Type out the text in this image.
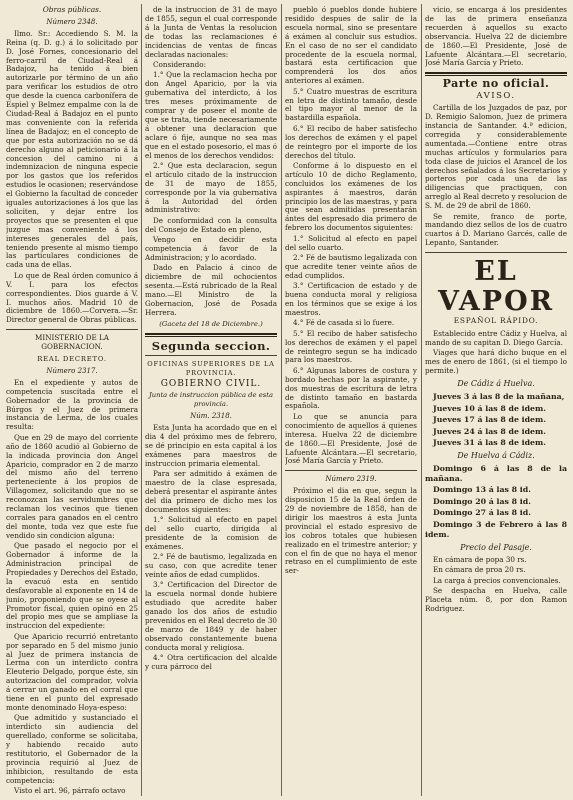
Obras públicas.
Número 2348.

Ilmo. Sr.: Accediendo S. M. la Reina (q. D. g.) á lo solicitado por D. José Fornes, concesionario del ferro-carril de Ciudad-Real á Badajoz, ha tenido á bien autorizarle por término de un año para verificar los estudios de otro que desde la cuenca carbonífera de Espiel y Belmez empalme con la de Ciudad-Real á Badajoz en el punto mas conveniente con la referida línea de Badajoz; en el concepto de que por esta autorización no se dá derecho alguno al peticionario á la concesion del camino ni á indemnizacion de ninguna especie por los gastos que los referidos estudios le ocasionen; reservándose el Gobierno la facultad de conceder iguales autorizaciones á los que las soliciten, y dejar entre los proyectos que se presenten el que juzgue mas conveniente á los intereses generales del país, teniendo presente al mismo tiempo las particulares condiciones de cada una de ellas.

Lo que de Real órden comunico á V. I. para los efectos correspondientes. Dios guarde á V. I. muchos años. Madrid 10 de diciembre de 1860.—Corvera.—Sr. Director general de Obras públicas.

MINISTERIO DE LA GOBERNACION.
REAL DECRETO.
Número 2317.

En el expediente y autos de competencia suscitada entre el Gobernador de la provincia de Búrgos y el Juez de primera instancia de Lerma, de los cuales resulta:

Que en 29 de mayo del corriente año de 1860 acudió al Gobierno de la indicada provincia don Angel Aparicio, comprador en 2 de marzo del mismo año del terreno perteneciente á los propios de Villagomez, solicitando que no se reconozcan las servidumbres que reclaman los vecinos que tienen corrales para ganados en el centro del monte, toda vez que este fue vendido sin condicion alguna:

Que pasado el negocio por el Gobernador á informe de la Administracion principal de Propiedades y Derechos del Estado, la evacuó esta en sentido desfavorable al exponente en 14 de junio, proponiendo que se oyese al Promotor fiscal, quien opinó en 25 del propio mes que se ampliase la instruccion del expediente:

Que Aparicio recurrió entretanto por separado en 5 del mismo junio al Juez de primera instancia de Lerma con un interdicto contra Eleuterio Delgado, porque éste, sin autorizacion del comprador, volvia á cerrar un ganado en el corral que tiene en el punto del expresado monte denominado Hoya-espeso:

Que admitido y sustanciado el interdicto sin audiencia del querellado, conforme se solicitaba, y habiendo recaido auto restitutorio, el Gobernador de la provincia requirió al Juez de inhibicion, resultando de esta competencia:

Visto el art. 96, párrafo octavo

de la instruccion de 31 de mayo de 1855, segun el cual corresponde á la Junta de Ventas la resolucion de todas las reclamaciones é incidencias de ventas de fincas declaradas nacionales:

Considerando:

1.° Que la reclamacion hecha por don Angel Aparicio, por la via gubernativa del interdicto, á los tres meses próximamente de comprar y de poseer el monte de que se trata, tiende necesariamente á obtener una declaracion que aclare ó fije, aunque no sea mas que en el estado posesorio, el mas ó el menos de los derechos vendidos:

2.° Que esta declaracion, segun el artículo citado de la instruccion de 31 de mayo de 1855, corresponde por la via gubernativa á la Autoridad del órden administrativo:

De conformidad con la consulta del Consejo de Estado en pleno,

Vengo en decidir esta competencia á favor de la Administracion; y lo acordado.

Dado en Palacio á cinco de diciembre de mil ochocientos sesenta.—Está rubricado de la Real mano.—El Ministro de la Gobernacion, José de Posada Herrera.

(Gaceta del 18 de Diciembre.)
Segunda seccion.
OFICINAS SUPERIORES DE LA PROVINCIA.
GOBIERNO CIVIL.
Junta de instruccion pública de esta provincia.
Núm. 2318.

Esta Junta ha acordado que en el dia 4 del próximo mes de febrero, se dé principio en esta capital á los exámenes para maestros de instruccion primaria elemental.

Para ser admitido á exámen de maestro de la clase espresada, deberá presentar el aspirante ántes del dia primero de dicho mes los documentos siguientes:

1.° Solicitud al efecto en papel del sello cuarto, dirigida al presidente de la comision de exámenes.

2.° Fé de bautismo, legalizada en su caso, con que acredite tener veinte años de edad cumplidos.

3.° Certificacion del Director de la escuela normal donde hubiere estudiado que acredite haber ganado los dos años de estudio prevenidos en el Real decreto de 30 de marzo de 1849 y de haber observado constantemente buena conducta moral y religiosa.

4.° Otra certificacion del alcalde y cura párroco del

pueblo ó pueblos donde hubiere residido despues de salir de la escuela normal, sino se presentare á exámen al concluir sus estudios. En el caso de no ser el candidato procedente de la escuela normal, bastará esta certificacion que comprenderá los dos años anteriores al exámen.

5.° Cuatro muestras de escritura en letra de distinto tamaño, desde el tipo mayor al menor de la bastardilla española.

6.° El recibo de haber satisfecho los derechos de exámen y el papel de reintegro por el importe de los derechos del título.

Conforme á lo dispuesto en el artículo 10 de dicho Reglamento, concluidos los exámenes de los aspirantes á maestros, darán principio los de las maestras, y para que sean admitidas presentarán ántes del espresado dia primero de febrero los documentos siguientes:

1.° Solicitud al efecto en papel del sello cuarto.

2.° Fé de bautismo legalizada con que acredite tener veinte años de edad cumplidos.

3.° Certificacion de estado y de buena conducta moral y religiosa en los términos que se exige á los maestros.

4.° Fé de casada si lo fuere.

5.° El recibo de haber satisfecho los derechos de exámen y el papel de reintegro segun se ha indicado para los maestros.

6.° Algunas labores de costura y bordado hechas por la aspirante, y dos muestras de escritura de letra de distinto tamaño en bastarda española.

Lo que se anuncia para conocimiento de aquellos á quienes interesa. Huelva 22 de diciembre de 1860.—El Presidente, José de Lafuente Alcántara.—El secretario, José María García y Prieto.

Número 2319.

Próximo el dia en que, segun la disposicion 15 de la Real órden de 29 de noviembre de 1858, han de dirigir los maestros á esta Junta provincial el estado espresivo de los cobros totales que hubiesen realizado en el trimestre anterior; y con el fin de que no haya el menor retraso en el cumplimiento de este ser-

vicio, se encarga á los presidentes de las de primera enseñanza recuerden á aquellos su exacto observancia. Huelva 22 de diciembre de 1860.—El Presidente, José de Lafuente Alcántara.—El secretario, José María García y Prieto.

Parte no oficial.
AVISO.

Cartilla de los Juzgados de paz, por D. Remigio Salomon, Juez de primera instancia de Santander. 4.ª edicion, corregida y considerablemente aumentada.—Contiene entre otras muchas artículos y formularios para toda clase de juicios el Arancel de los derechos señalados á los Secretarios y porteros por cada una de las diligencias que practiquen, con arreglo al Real decreto y resolucion de S. M. de 29 de abril de 1860.

Se remite, franco de porte, mandando diez sellos de los de cuatro cuartos á D. Mariano Garcés, calle de Lepanto, Santander.

EL VAPOR
ESPAÑOL RÁPIDO.

Establecido entre Cádiz y Huelva, al mando de su capitan D. Diego García.

Viages que hará dicho buque en el mes de enero de 1861, (si el tiempo lo permite.)

De Cádiz á Huelva.

Jueves 3 á las 8 de la mañana,

Jueves 10 á las 8 de idem.

Jueves 17 á las 8 de idem.

Jueves 24 á las 8 de idem.

Jueves 31 á las 8 de idem.

De Huelva á Cádiz.

Domingo 6 á las 8 de la mañana.

Domingo 13 á las 8 id.

Domingo 20 á las 8 id.

Domingo 27 á las 8 id.

Domingo 3 de Febrero á las 8 idem.

Precio del Pasaje.

En cámara de popa 30 rs.

En cámara de proa 20 rs.

La carga á precios convencionales.

Se despacha en Huelva, calle Placeta núm. 8, por don Ramon Rodriguez.
